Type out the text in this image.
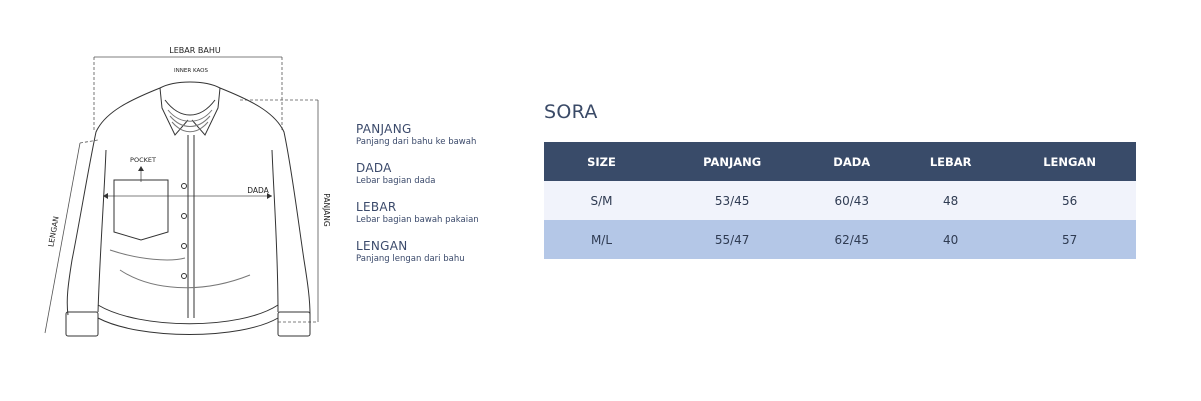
LEBAR BAHU
INNER KAOS
POCKET
DADA
PANJANG
LENGAN
PANJANG
Panjang dari bahu ke bawah
DADA
Lebar bagian dada
LEBAR
Lebar bagian bawah pakaian
LENGAN
Panjang lengan dari bahu
SORA
SIZE	PANJANG	DADA	LEBAR	LENGAN
S/M	53/45	60/43	48	56
M/L	55/47	62/45	40	57
